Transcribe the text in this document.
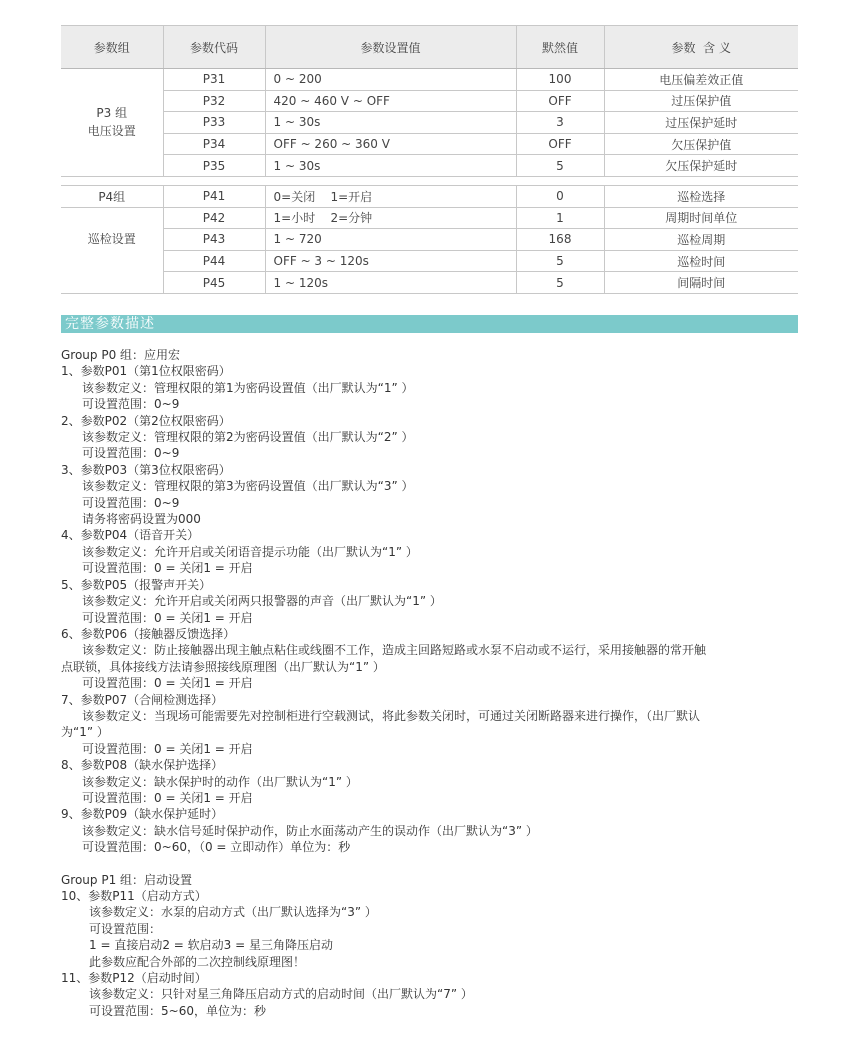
参数组	参数代码	参数设置值	默然值	参数  含 义

P3 组
电压设置	P31	0 ~ 200	100	电压偏差效正值
	P32	420 ~ 460 V ~ OFF	OFF	过压保护值
	P33	1 ~ 30s	3	过压保护延时
	P34	OFF ~ 260 ~ 360 V	OFF	欠压保护值
	P35	1 ~ 30s	5	欠压保护延时
P4组	P41	0=关闭    1=开启	0	巡检选择
巡检设置	P42	1=小时    2=分钟	1	周期时间单位
	P43	1 ~ 720	168	巡检周期
	P44	OFF ~ 3 ~ 120s	5	巡检时间
	P45	1 ~ 120s	5	间隔时间
完整参数描述
Group P0 组：应用宏
1、参数P01（第1位权限密码）
该参数定义：管理权限的第1为密码设置值（出厂默认为“1” ）
可设置范围：0~9
2、参数P02（第2位权限密码）
该参数定义：管理权限的第2为密码设置值（出厂默认为“2” ）
可设置范围：0~9
3、参数P03（第3位权限密码）
该参数定义：管理权限的第3为密码设置值（出厂默认为“3” ）
可设置范围：0~9
请务将密码设置为000
4、参数P04（语音开关）
该参数定义：允许开启或关闭语音提示功能（出厂默认为“1” ）
可设置范围：0 = 关闭1 = 开启
5、参数P05（报警声开关）
该参数定义：允许开启或关闭两只报警器的声音（出厂默认为“1” ）
可设置范围：0 = 关闭1 = 开启
6、参数P06（接触器反馈选择）
该参数定义：防止接触器出现主触点粘住或线圈不工作，造成主回路短路或水泵不启动或不运行，采用接触器的常开触
点联锁，具体接线方法请参照接线原理图（出厂默认为“1” ）
可设置范围：0 = 关闭1 = 开启
7、参数P07（合闸检测选择）
该参数定义：当现场可能需要先对控制柜进行空载测试，将此参数关闭时，可通过关闭断路器来进行操作，（出厂默认
为“1” ）
可设置范围：0 = 关闭1 = 开启
8、参数P08（缺水保护选择）
该参数定义：缺水保护时的动作（出厂默认为“1” ）
可设置范围：0 = 关闭1 = 开启
9、参数P09（缺水保护延时）
该参数定义：缺水信号延时保护动作，防止水面荡动产生的误动作（出厂默认为“3” ）
可设置范围：0~60，（0 = 立即动作）单位为：秒
Group P1 组：启动设置
10、参数P11（启动方式）
该参数定义：水泵的启动方式（出厂默认选择为“3” ）
可设置范围：
1 = 直接启动2 = 软启动3 = 星三角降压启动
此参数应配合外部的二次控制线原理图！
11、参数P12（启动时间）
该参数定义：只针对星三角降压启动方式的启动时间（出厂默认为“7” ）
可设置范围：5~60，单位为：秒
